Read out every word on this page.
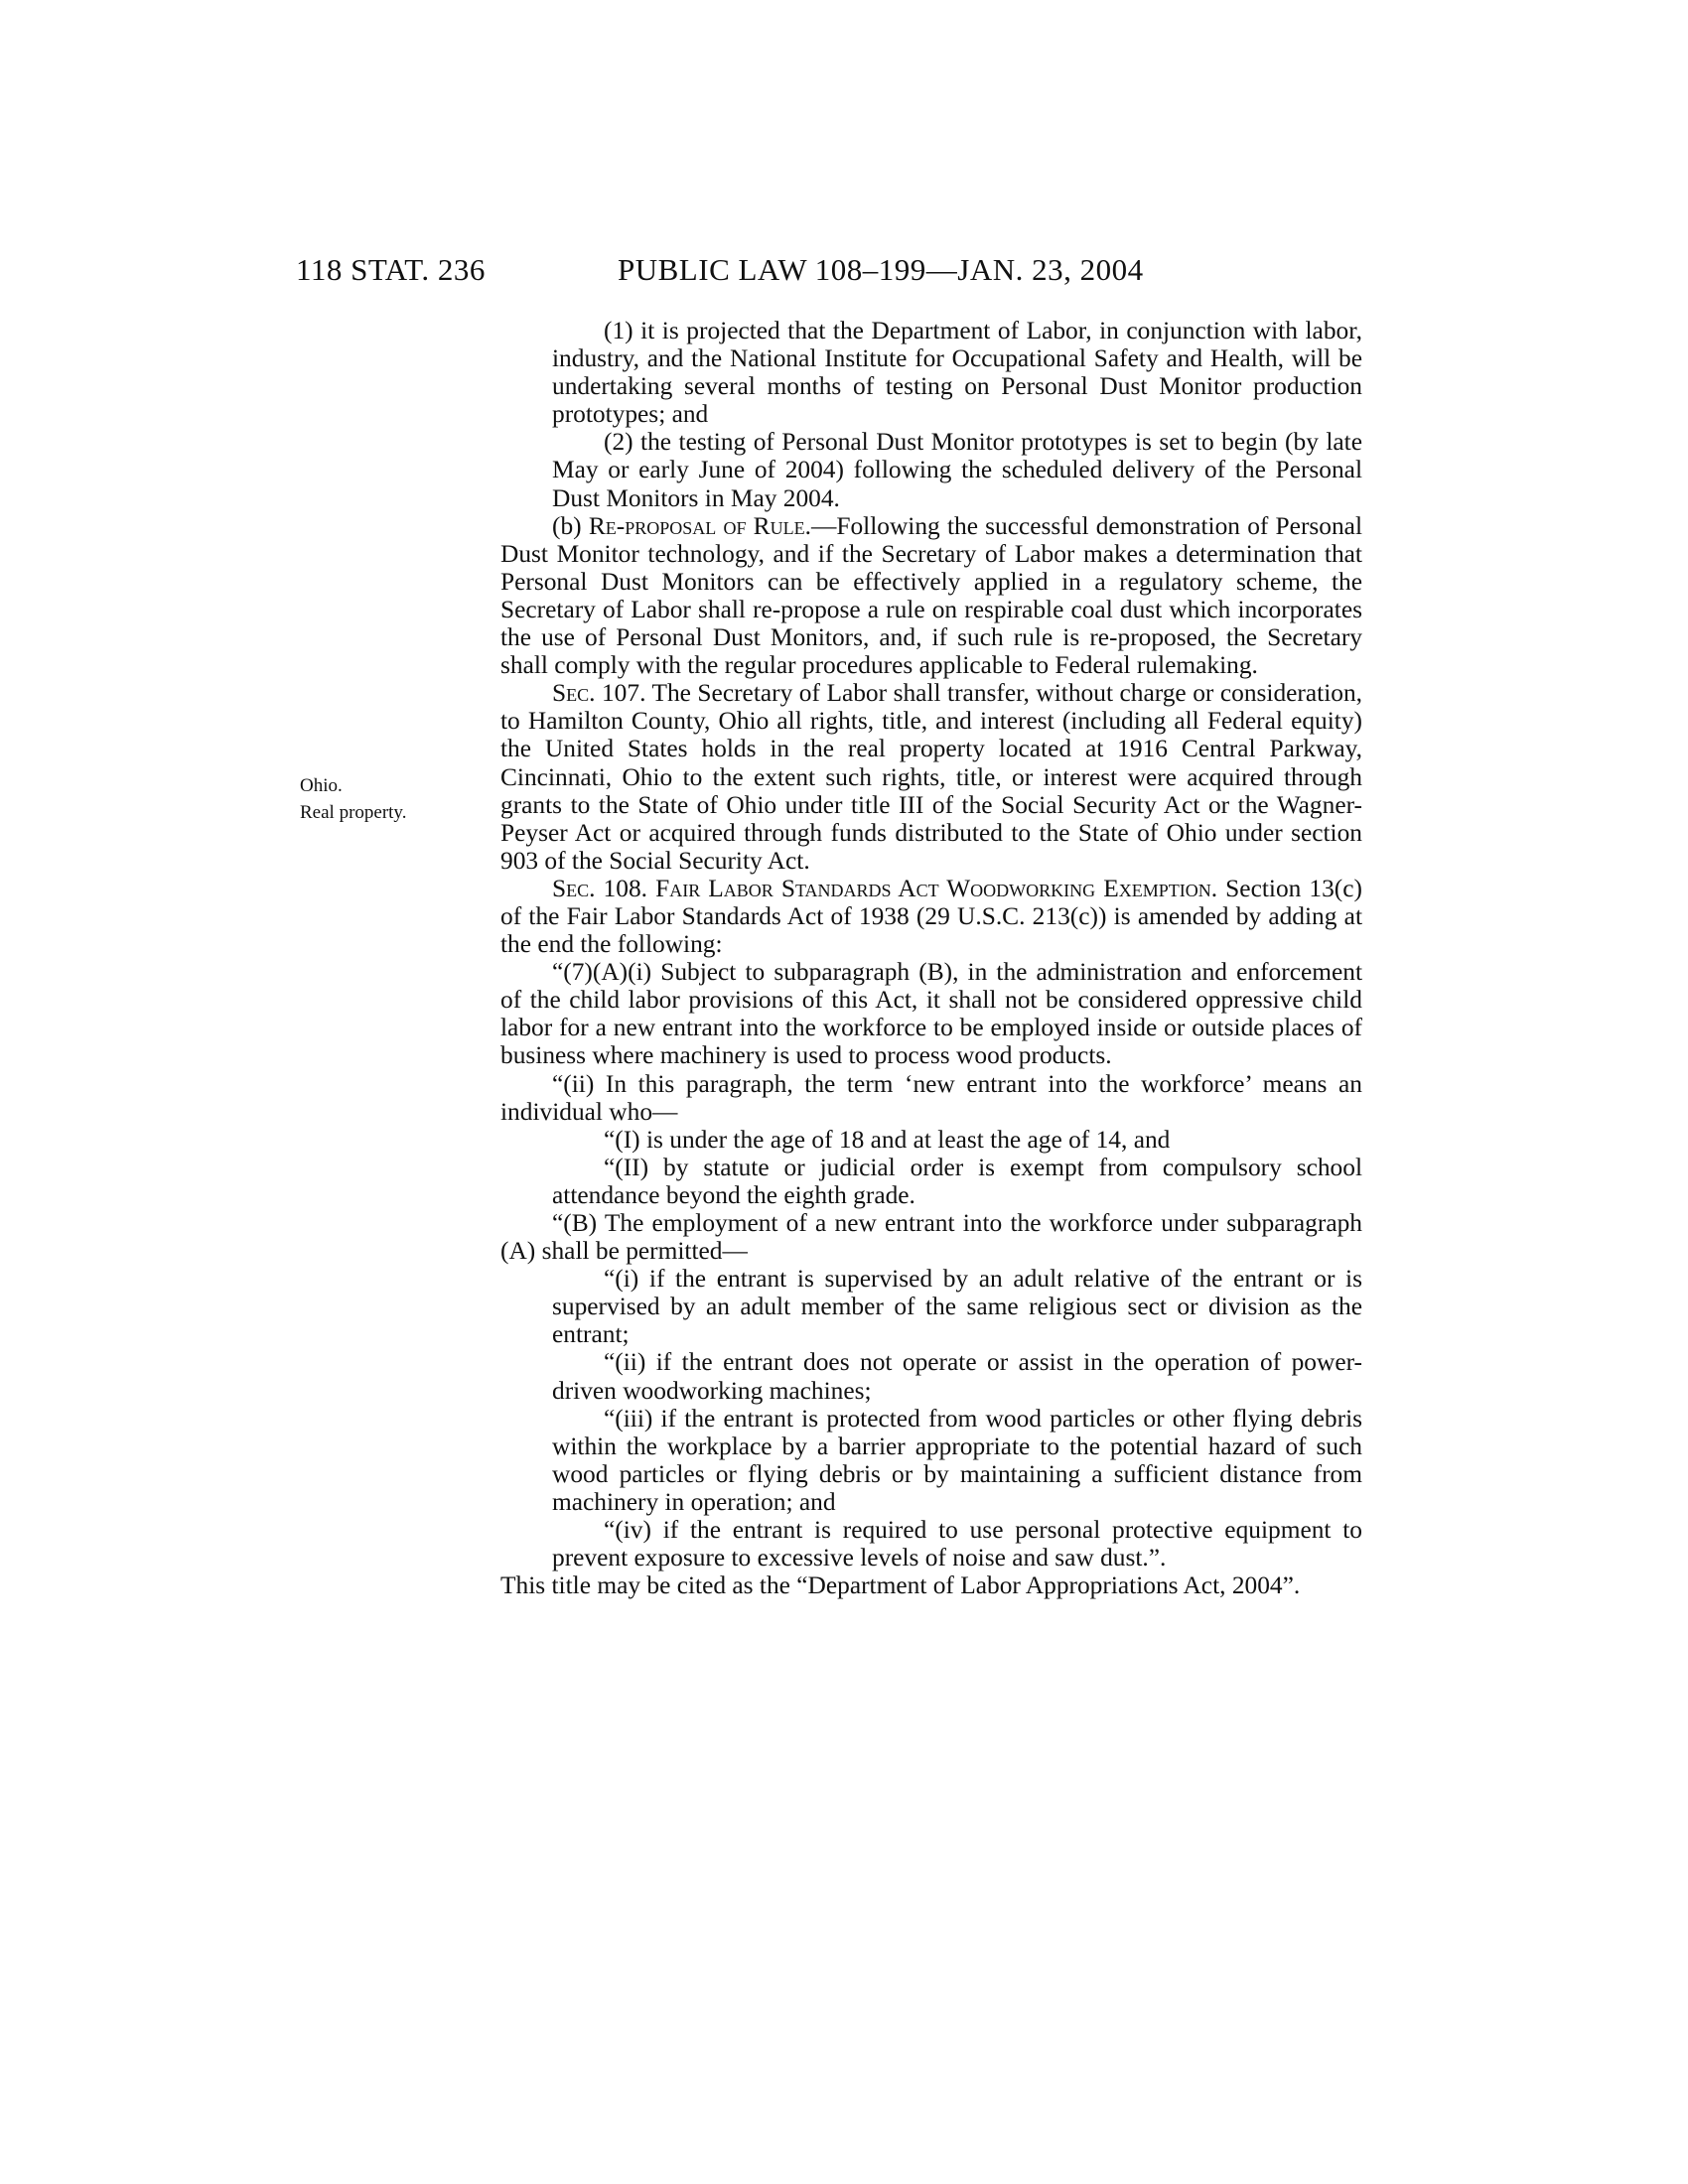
118 STAT. 236	PUBLIC LAW 108–199—JAN. 23, 2004
Ohio.
Real property.

(1) it is projected that the Department of Labor, in conjunction with labor, industry, and the National Institute for Occupational Safety and Health, will be undertaking several months of testing on Personal Dust Monitor production prototypes; and

(2) the testing of Personal Dust Monitor prototypes is set to begin (by late May or early June of 2004) following the scheduled delivery of the Personal Dust Monitors in May 2004.

(b) Re-proposal of Rule.—Following the successful demonstration of Personal Dust Monitor technology, and if the Secretary of Labor makes a determination that Personal Dust Monitors can be effectively applied in a regulatory scheme, the Secretary of Labor shall re-propose a rule on respirable coal dust which incorporates the use of Personal Dust Monitors, and, if such rule is re-proposed, the Secretary shall comply with the regular procedures applicable to Federal rulemaking.

Sec. 107. The Secretary of Labor shall transfer, without charge or consideration, to Hamilton County, Ohio all rights, title, and interest (including all Federal equity) the United States holds in the real property located at 1916 Central Parkway, Cincinnati, Ohio to the extent such rights, title, or interest were acquired through grants to the State of Ohio under title III of the Social Security Act or the Wagner-Peyser Act or acquired through funds distributed to the State of Ohio under section 903 of the Social Security Act.

Sec. 108. Fair Labor Standards Act Woodworking Exemption. Section 13(c) of the Fair Labor Standards Act of 1938 (29 U.S.C. 213(c)) is amended by adding at the end the following:

“(7)(A)(i) Subject to subparagraph (B), in the administration and enforcement of the child labor provisions of this Act, it shall not be considered oppressive child labor for a new entrant into the workforce to be employed inside or outside places of business where machinery is used to process wood products.

“(ii) In this paragraph, the term ‘new entrant into the workforce’ means an individual who—

“(I) is under the age of 18 and at least the age of 14, and

“(II) by statute or judicial order is exempt from compulsory school attendance beyond the eighth grade.

“(B) The employment of a new entrant into the workforce under subparagraph (A) shall be permitted—

“(i) if the entrant is supervised by an adult relative of the entrant or is supervised by an adult member of the same religious sect or division as the entrant;

“(ii) if the entrant does not operate or assist in the operation of power-driven woodworking machines;

“(iii) if the entrant is protected from wood particles or other flying debris within the workplace by a barrier appropriate to the potential hazard of such wood particles or flying debris or by maintaining a sufficient distance from machinery in operation; and

“(iv) if the entrant is required to use personal protective equipment to prevent exposure to excessive levels of noise and saw dust.”.

This title may be cited as the “Department of Labor Appropriations Act, 2004”.
